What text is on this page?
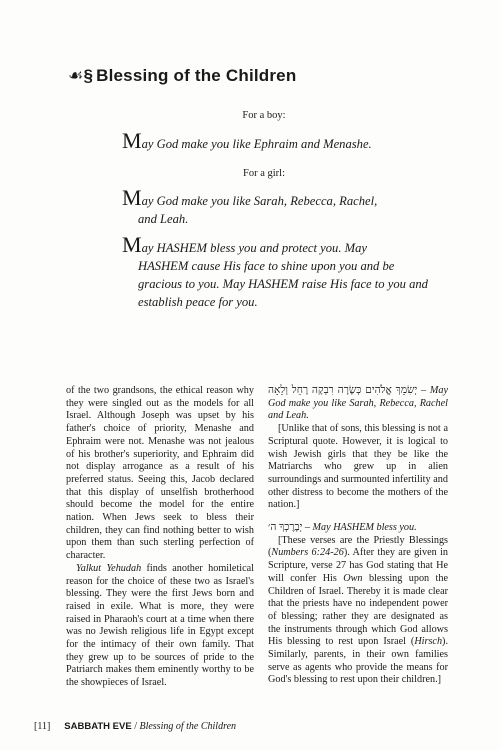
☙§ Blessing of the Children
For a boy:
May God make you like Ephraim and Menashe.
For a girl:
May God make you like Sarah, Rebecca, Rachel,
and Leah.
May HASHEM bless you and protect you. May
HASHEM cause His face to shine upon you and be
gracious to you. May HASHEM raise His face to you and
establish peace for you.

of the two grandsons, the ethical reason why they were singled out as the models for all Israel. Although Joseph was upset by his father's choice of priority, Menashe and Ephraim were not. Menashe was not jealous of his brother's superiority, and Ephraim did not display arrogance as a result of his preferred status. Seeing this, Jacob declared that this display of unselfish brotherhood should become the model for the entire nation. When Jews seek to bless their children, they can find nothing better to wish upon them than such sterling perfection of character.

Yalkut Yehudah finds another homiletical reason for the choice of these two as Israel's blessing. They were the first Jews born and raised in exile. What is more, they were raised in Pharaoh's court at a time when there was no Jewish religious life in Egypt except for the intimacy of their own family. That they grew up to be sources of pride to the Patriarch makes them eminently worthy to be the showpieces of Israel.

יְשִׂמֵךְ אֱלֹהִים כְּשָׂרָה רִבְקָה רָחֵל וְלֵאָה – May God make you like Sarah, Rebecca, Rachel and Leah.

[Unlike that of sons, this blessing is not a Scriptural quote. However, it is logical to wish Jewish girls that they be like the Matriarchs who grew up in alien surroundings and surmounted infertility and other distress to become the mothers of the nation.]

יְבָרֶכְךָ ה׳ – May HASHEM bless you.

[These verses are the Priestly Blessings (Numbers 6:24-26). After they are given in Scripture, verse 27 has God stating that He will confer His Own blessing upon the Children of Israel. Thereby it is made clear that the priests have no independent power of blessing; rather they are designated as the instruments through which God allows His blessing to rest upon Israel (Hirsch). Similarly, parents, in their own families serve as agents who provide the means for God's blessing to rest upon their children.]

[11] SABBATH EVE / Blessing of the Children
